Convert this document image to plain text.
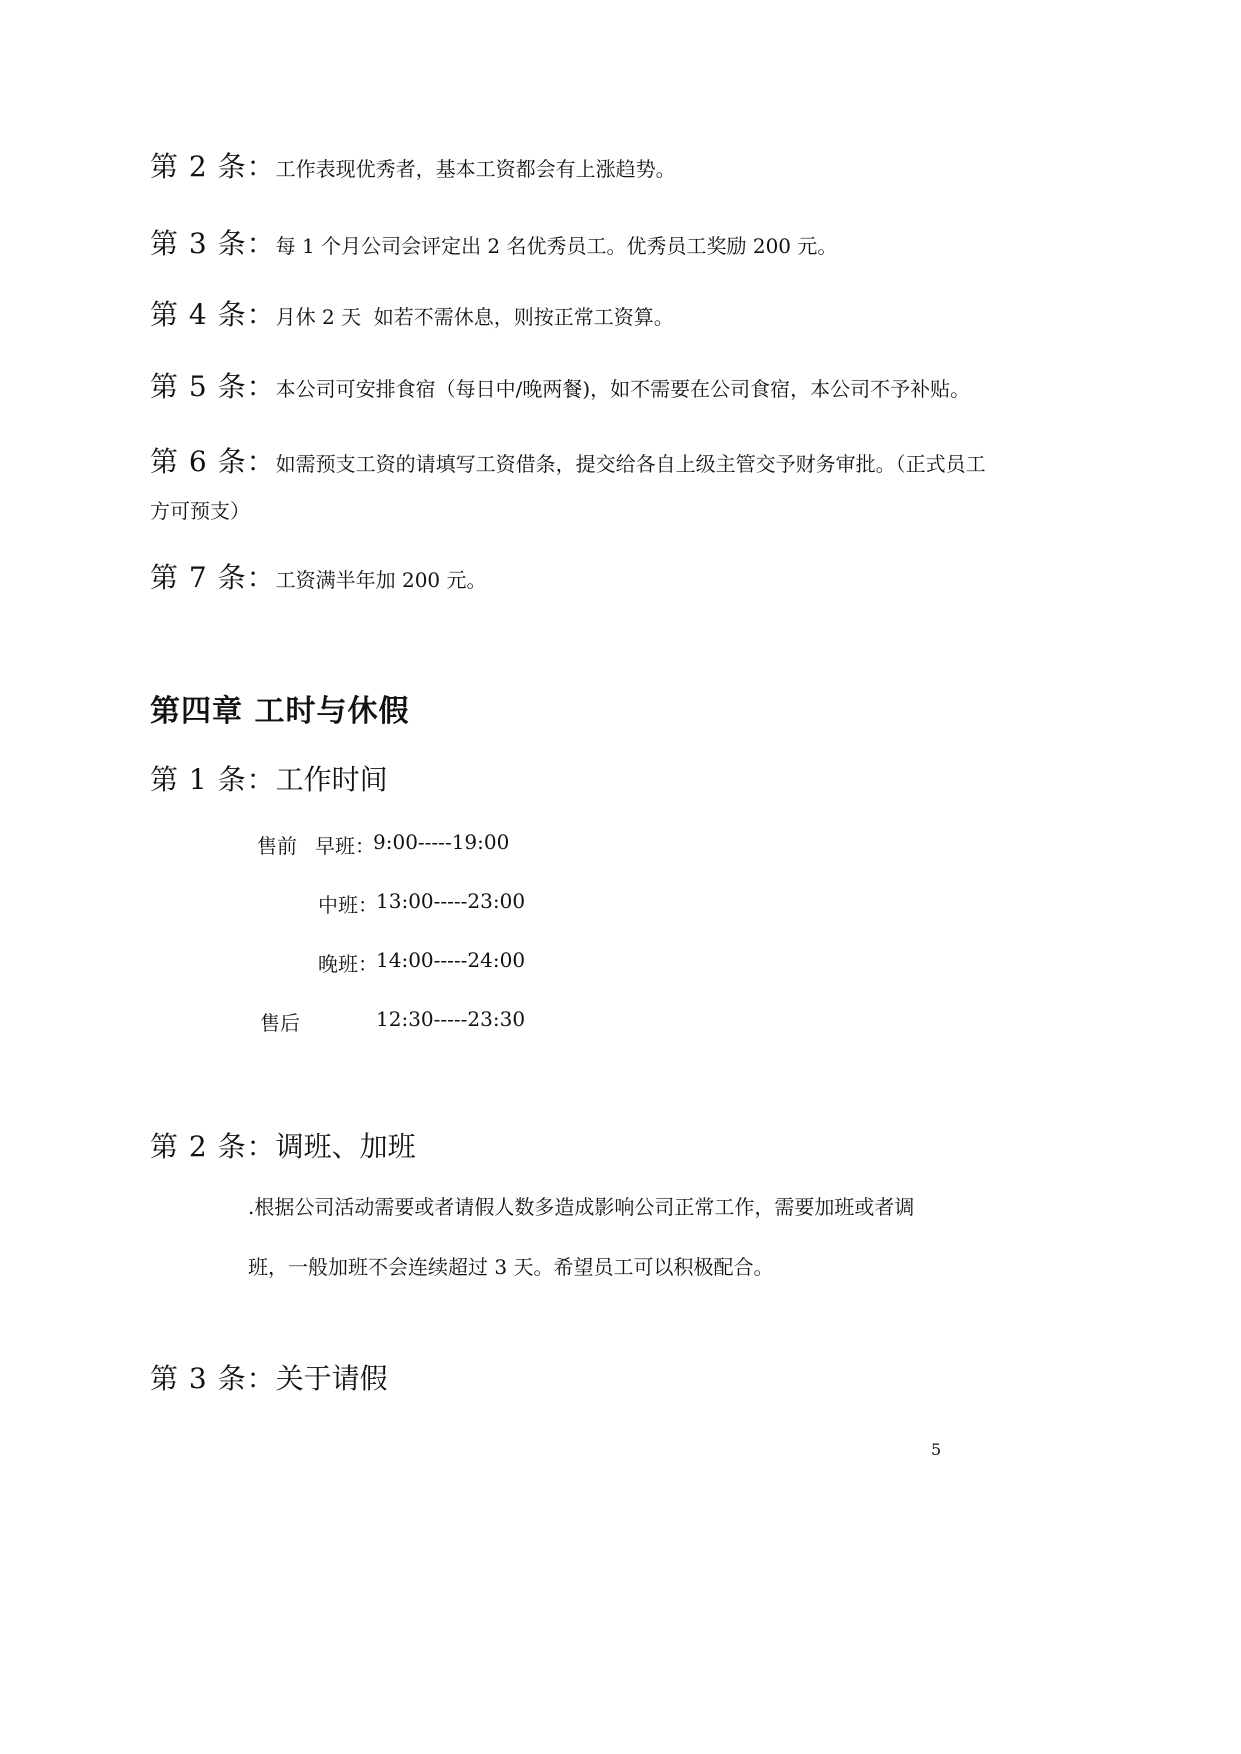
第 2 条：工作表现优秀者，基本工资都会有上涨趋势。
第 3 条：每 1 个月公司会评定出 2 名优秀员工。优秀员工奖励 200 元。
第 4 条：月休 2 天  如若不需休息，则按正常工资算。
第 5 条：本公司可安排食宿（每日中/晚两餐)，如不需要在公司食宿，本公司不予补贴。
第 6 条：如需预支工资的请填写工资借条，提交给各自上级主管交予财务审批。（正式员工
方可预支）
第 7 条：工资满半年加 200 元。
第四章 工时与休假
第 1 条：工作时间
售前 早班：
9:00-----19:00
中班：
13:00-----23:00
晚班：
14:00-----24:00
售后	12:30-----23:30
第 2 条：调班、加班
.根据公司活动需要或者请假人数多造成影响公司正常工作，需要加班或者调班，一般加班不会连续超过 3 天。希望员工可以积极配合。
第 3 条：关于请假
5
